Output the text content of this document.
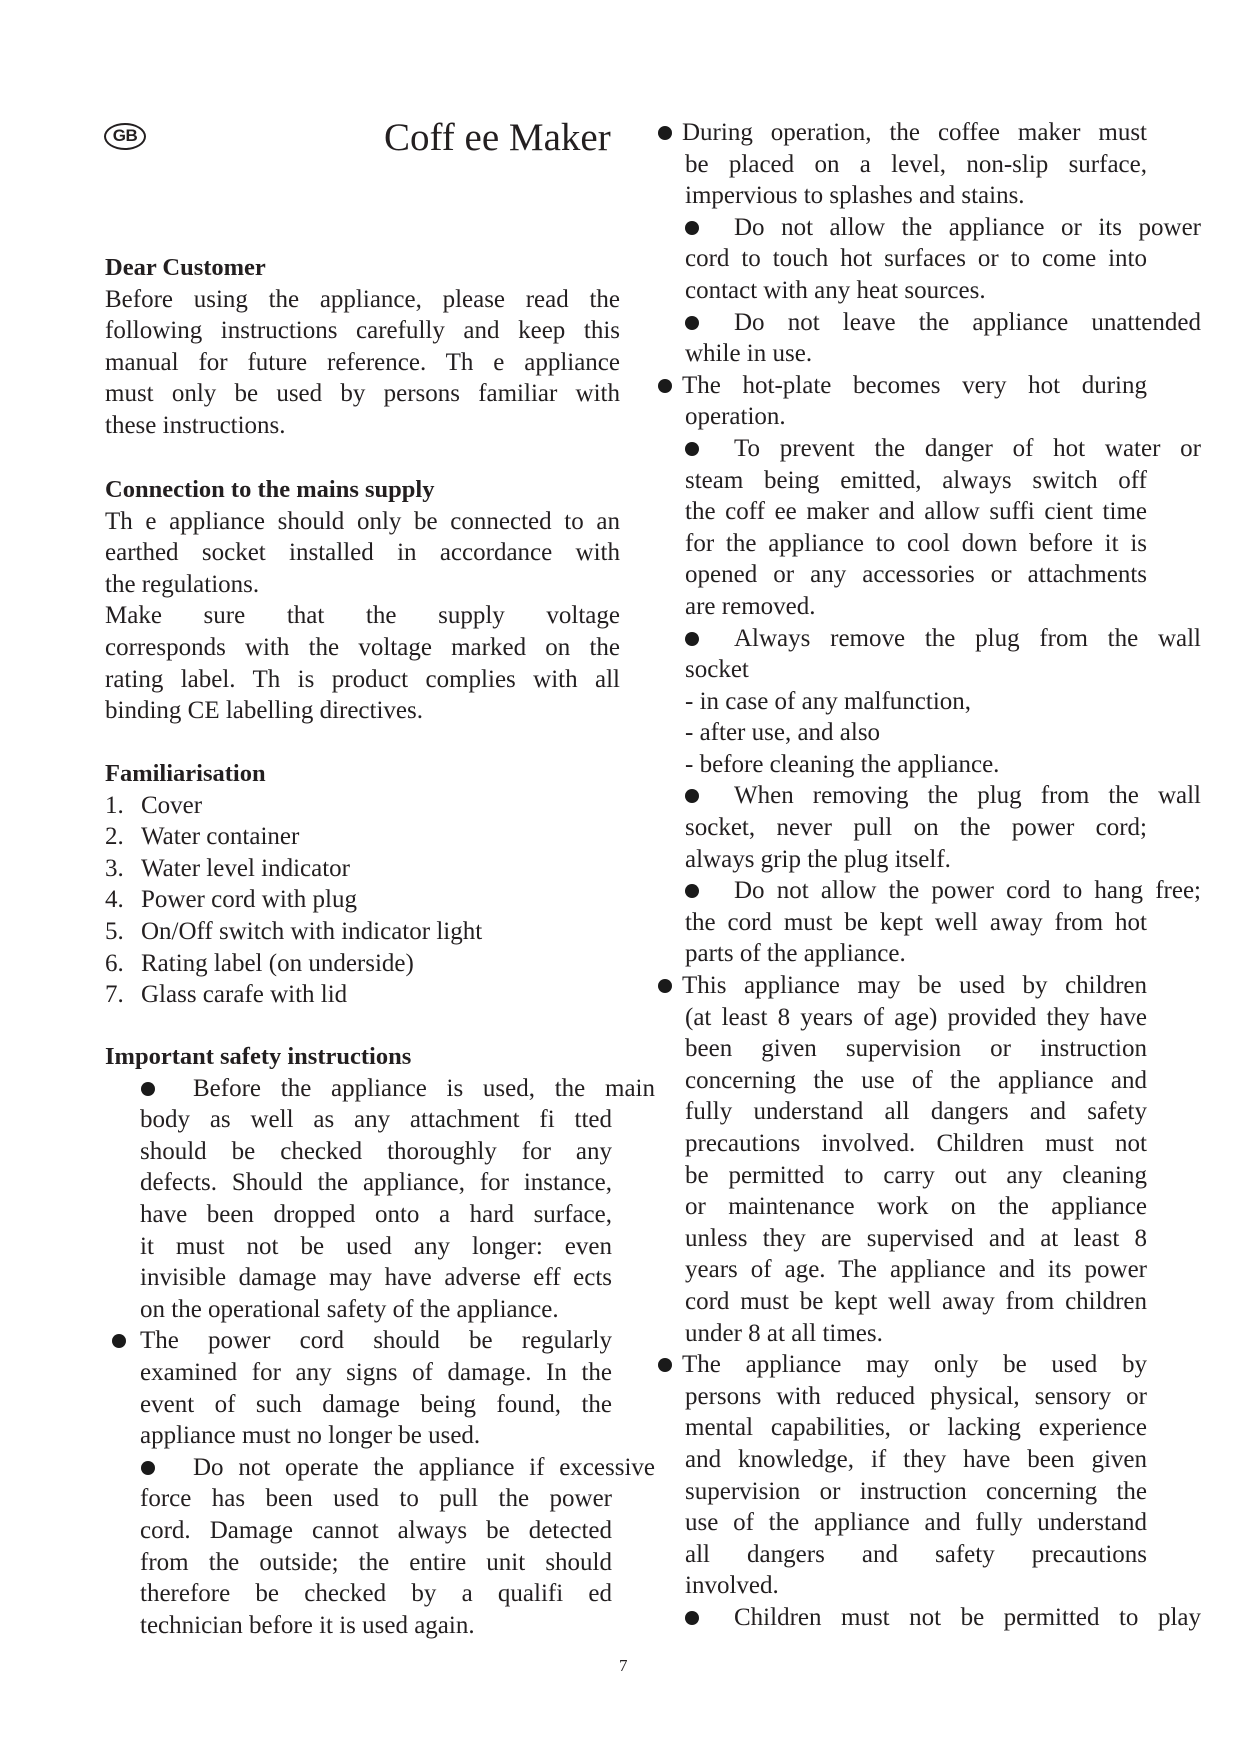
GB	Coff ee Maker
Dear Customer
Before using the appliance, please read the
following instructions carefully and keep this
manual for future reference. Th e appliance
must only be used by persons familiar with
these instructions.
Connection to the mains supply
Th e appliance should only be connected to an
earthed socket installed in accordance with
the regulations.
Make sure that the supply voltage
corresponds with the voltage marked on the
rating label. Th is product complies with all
binding CE labelling directives.
Familiarisation
1. Cover
2. Water container
3. Water level indicator
4. Power cord with plug
5. On/Off switch with indicator light
6. Rating label (on underside)
7. Glass carafe with lid
Important safety instructions
Before the appliance is used, the main
body as well as any attachment fi tted
should be checked thoroughly for any
defects. Should the appliance, for instance,
have been dropped onto a hard surface,
it must not be used any longer: even
invisible damage may have adverse eff ects
on the operational safety of the appliance.
The power cord should be regularly
examined for any signs of damage. In the
event of such damage being found, the
appliance must no longer be used.
Do not operate the appliance if excessive
force has been used to pull the power
cord. Damage cannot always be detected
from the outside; the entire unit should
therefore be checked by a qualifi ed
technician before it is used again.
During operation, the coffee maker must
be placed on a level, non-slip surface,
impervious to splashes and stains.
Do not allow the appliance or its power
cord to touch hot surfaces or to come into
contact with any heat sources.
Do not leave the appliance unattended
while in use.
The hot-plate becomes very hot during
operation.
To prevent the danger of hot water or
steam being emitted, always switch off
the coff ee maker and allow suffi cient time
for the appliance to cool down before it is
opened or any accessories or attachments
are removed.
Always remove the plug from the wall
socket
- in case of any malfunction,
- after use, and also
- before cleaning the appliance.
When removing the plug from the wall
socket, never pull on the power cord;
always grip the plug itself.
Do not allow the power cord to hang free;
the cord must be kept well away from hot
parts of the appliance.
This appliance may be used by children
(at least 8 years of age) provided they have
been given supervision or instruction
concerning the use of the appliance and
fully understand all dangers and safety
precautions involved. Children must not
be permitted to carry out any cleaning
or maintenance work on the appliance
unless they are supervised and at least 8
years of age. The appliance and its power
cord must be kept well away from children
under 8 at all times.
The appliance may only be used by
persons with reduced physical, sensory or
mental capabilities, or lacking experience
and knowledge, if they have been given
supervision or instruction concerning the
use of the appliance and fully understand
all dangers and safety precautions
involved.
Children must not be permitted to play
7
